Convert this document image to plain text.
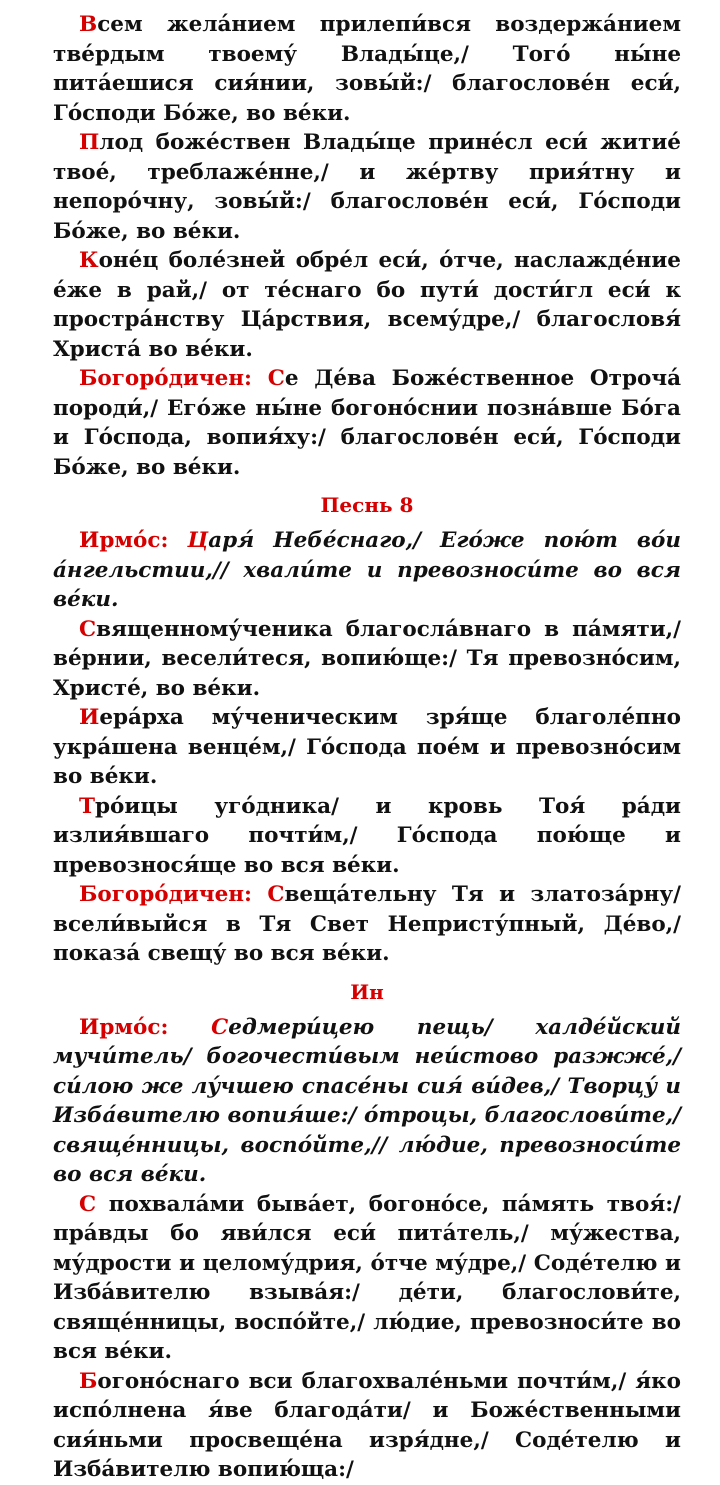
Всем жела́нием прилепи́вся воздержа́нием тве́рдым твоему́ Влады́це,/ Того́ ны́не пита́ешися сия́нии, зовы́й:/ благослове́н еси́, Го́споди Бо́же, во ве́ки.

Плод боже́ствен Влады́це прине́сл еси́ житие́ твое́, треблаже́нне,/ и же́ртву прия́тну и непоро́чну, зовы́й:/ благослове́н еси́, Го́споди Бо́же, во ве́ки.

Коне́ц боле́зней обре́л еси́, о́тче, наслажде́ние е́же в рай,/ от те́снаго бо пути́ дости́гл еси́ к простра́нству Ца́рствия, всему́дре,/ благословя́ Христа́ во ве́ки.

Богоро́дичен: Се Де́ва Боже́ственное Отроча́ породи́,/ Его́же ны́не богоно́снии позна́вше Бо́га и Го́спода, вопия́ху:/ благослове́н еси́, Го́споди Бо́же, во ве́ки.

Песнь 8

Ирмо́с: Царя́ Небе́снаго,/ Его́же пою́т во́и а́нгельстии,// хвали́те и превозноси́те во вся ве́ки.

Священному́ченика благосла́внаго в па́мяти,/ ве́рнии, весели́тeся, вопию́ще:/ Тя превозно́сим, Христе́, во ве́ки.

Иера́рха му́ченическим зря́ще благоле́пно укра́шена венце́м,/ Го́спода пое́м и превозно́сим во ве́ки.

Тро́ицы уго́дника/ и кровь Тоя́ ра́ди излия́вшаго почти́м,/ Го́спода пою́ще и превознося́ще во вся ве́ки.

Богоро́дичен: Свеща́тельну Тя и златоза́рну/ всели́выйся в Тя Свет Непристу́пный, Де́во,/ показа́ свещу́ во вся ве́ки.

Ин

Ирмо́с: Седмери́цею пещь/ халде́йский мучи́тель/ богочести́вым неи́стово разжже́,/ си́лою же лу́чшею спасе́ны сия́ ви́дев,/ Творцу́ и Изба́вителю вопия́ше:/ о́троцы, благослови́те,/ свяще́нницы, воспо́йте,// лю́дие, превозноси́те во вся ве́ки.

С похвала́ми быва́ет, богоно́се, па́мять твоя́:/ пра́вды бо яви́лся еси́ пита́тель,/ му́жества, му́дрости и целому́дрия, о́тче му́дре,/ Соде́телю и Изба́вителю взыва́я:/ де́ти, благослови́те, свяще́нницы, воспо́йте,/ лю́дие, превозноси́те во вся ве́ки.

Богоно́снаго вси благохвале́ньми почти́м,/ я́ко испо́лнена я́ве благода́ти/ и Боже́ственными сия́ньми просвеще́на изря́дне,/ Соде́телю и Изба́вителю вопию́ща:/
